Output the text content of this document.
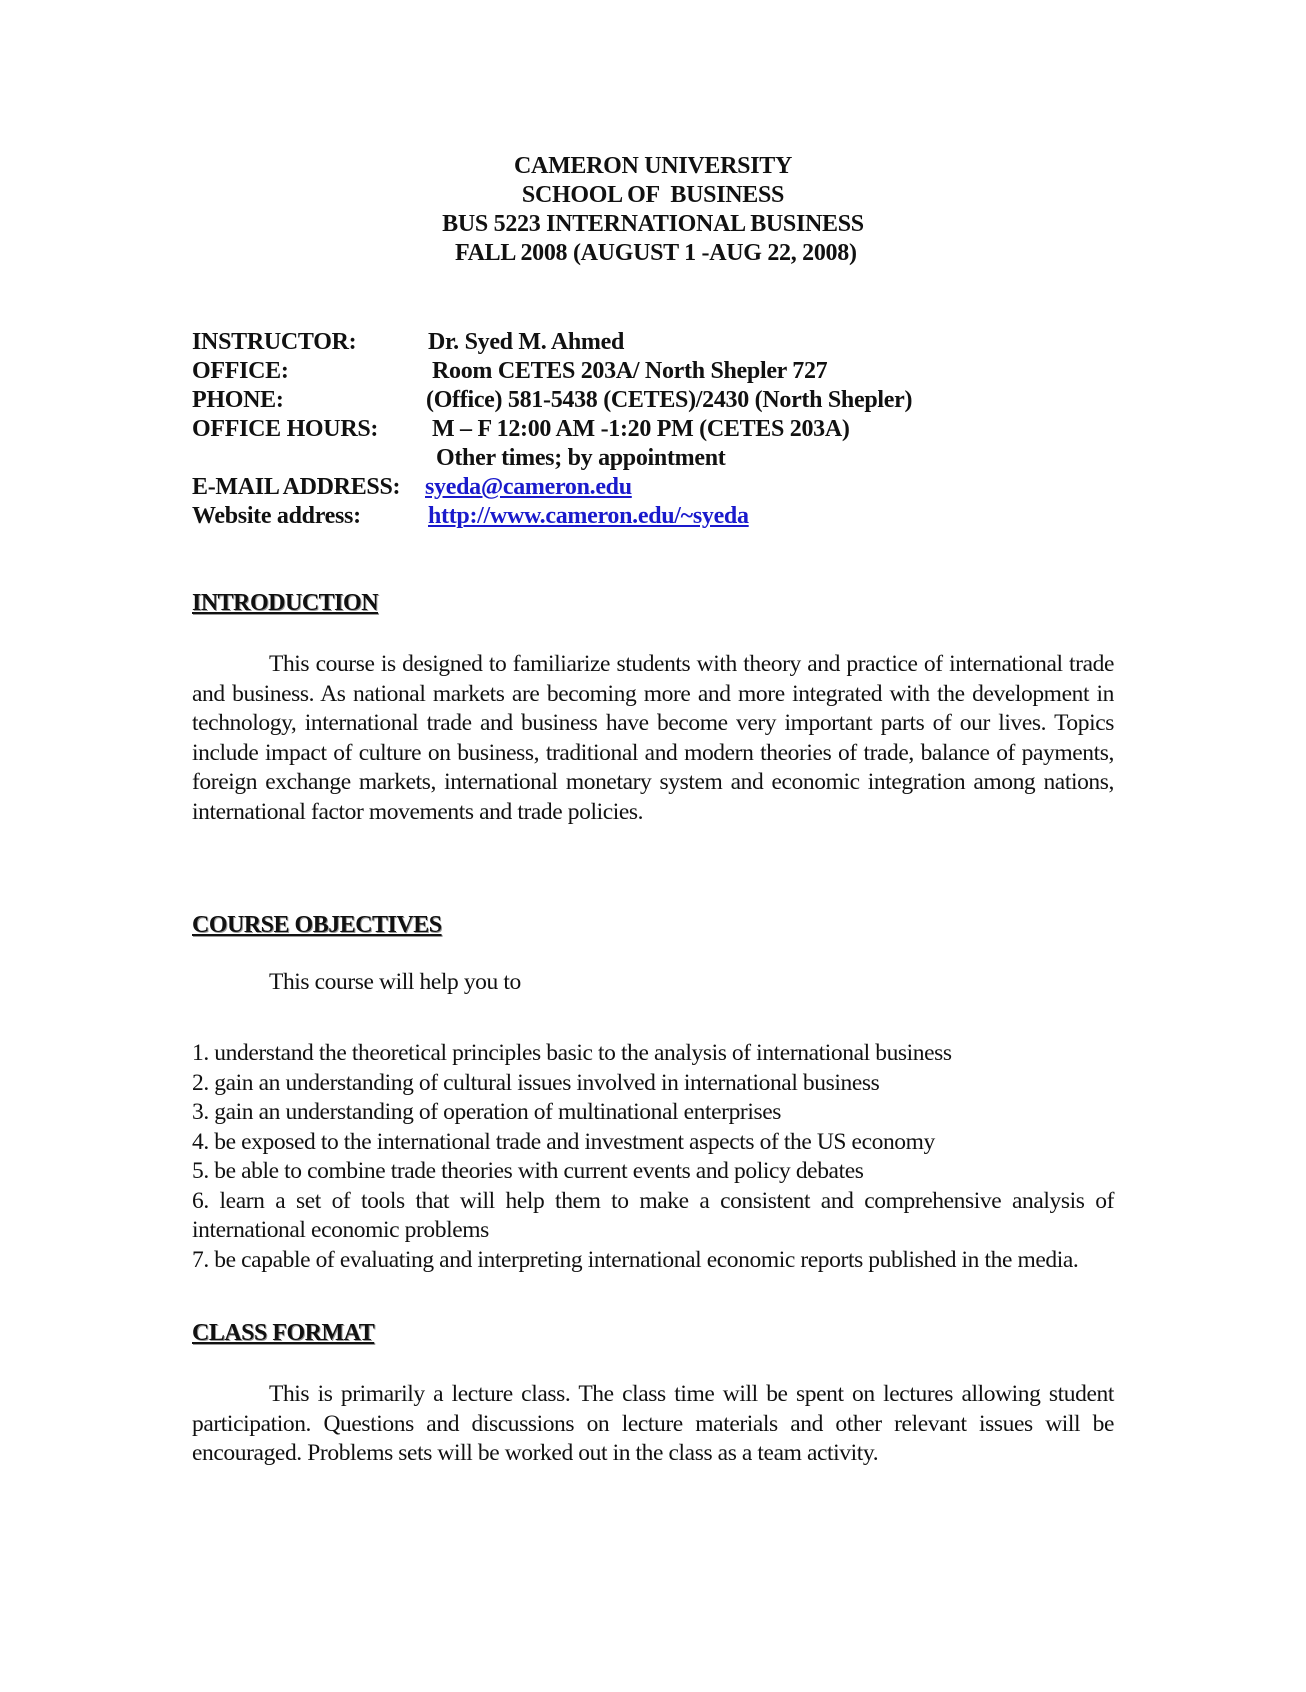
CAMERON UNIVERSITY
SCHOOL OF  BUSINESS
BUS 5223 INTERNATIONAL BUSINESS
FALL 2008 (AUGUST 1 -AUG 22, 2008)
INSTRUCTOR:	Dr. Syed M. Ahmed
OFFICE:	Room CETES 203A/ North Shepler 727
PHONE:	(Office) 581-5438 (CETES)/2430 (North Shepler)
OFFICE HOURS: M – F 12:00 AM -1:20 PM (CETES 203A)
Other times; by appointment
E-MAIL ADDRESS: syeda@cameron.edu
Website address:	http://www.cameron.edu/~syeda
INTRODUCTION
This course is designed to familiarize students with theory and practice of international trade and business. As national markets are becoming more and more integrated with the development in technology, international trade and business have become very important parts of our lives. Topics include impact of culture on business, traditional and modern theories of trade, balance of payments, foreign exchange markets, international monetary system and economic integration among nations, international factor movements and trade policies.
COURSE OBJECTIVES
This course will help you to
1. understand the theoretical principles basic to the analysis of international business
2. gain an understanding of cultural issues involved in international business
3. gain an understanding of operation of multinational enterprises
4. be exposed to the international trade and investment aspects of the US economy
5. be able to combine trade theories with current events and policy debates
6. learn a set of tools that will help them to make a consistent and comprehensive analysis of international economic problems
7. be capable of evaluating and interpreting international economic reports published in the media.
CLASS FORMAT
This is primarily a lecture class. The class time will be spent on lectures allowing student participation. Questions and discussions on lecture materials and other relevant issues will be encouraged. Problems sets will be worked out in the class as a team activity.
